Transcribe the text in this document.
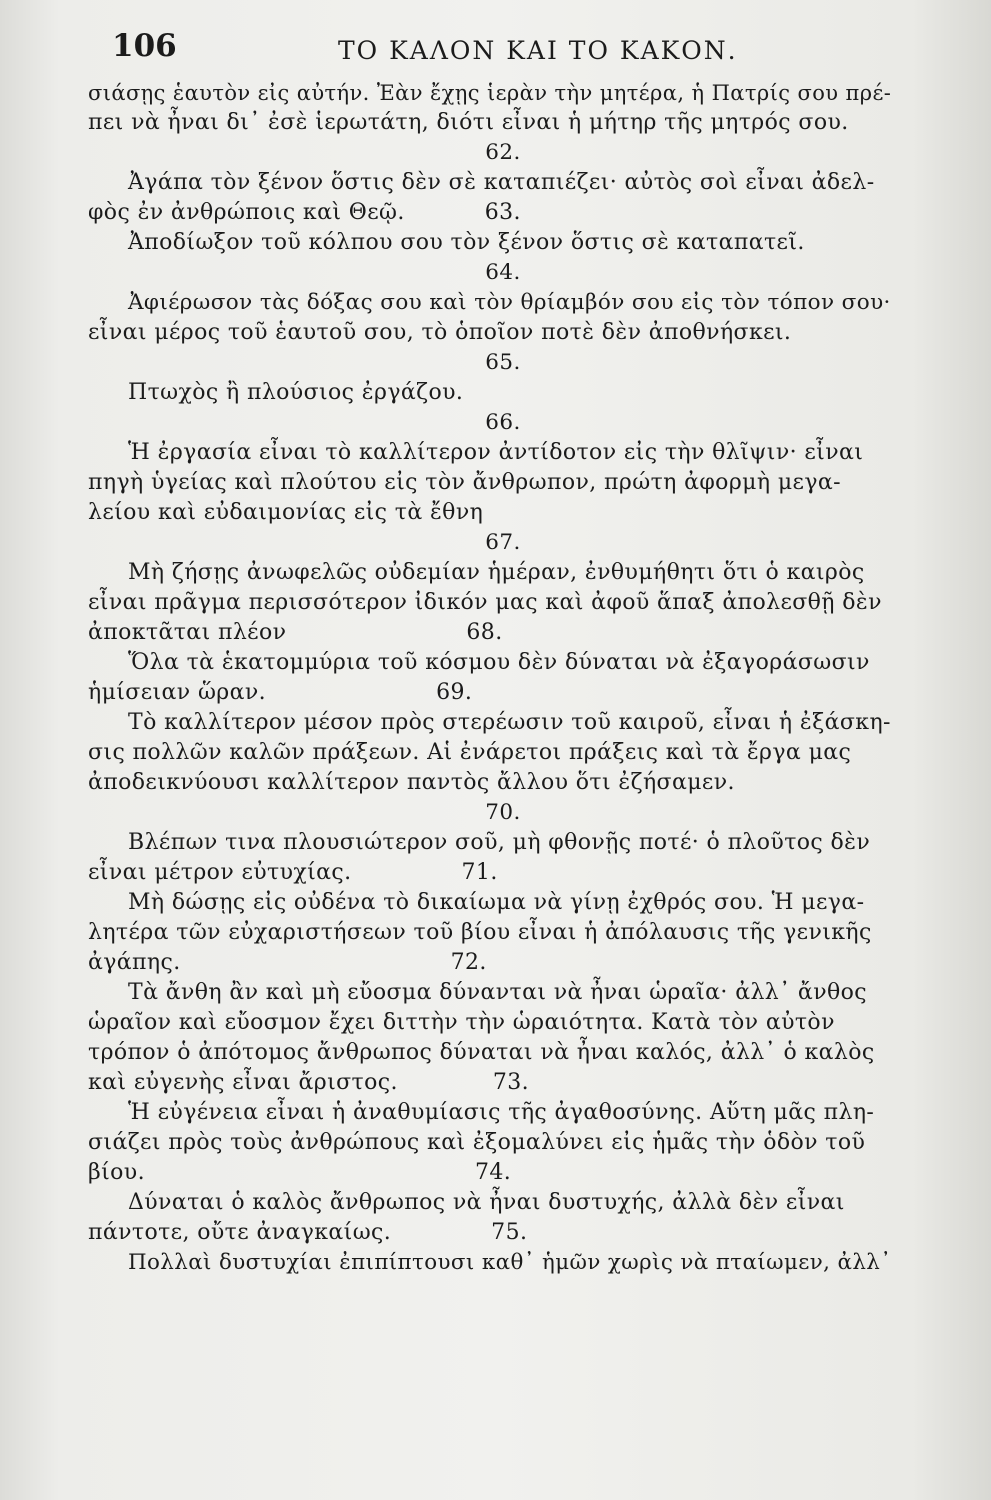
106	ΤΟ ΚΑΛΟΝ ΚΑΙ ΤΟ ΚΑΚΟΝ.
σιάσῃς ἑαυτὸν εἰς αὐτήν. Ἐὰν ἔχῃς ἱερὰν τὴν μητέρα, ἡ Πατρίς σου πρέ-
πει νὰ ἦναι δι᾽ ἐσὲ ἱερωτάτη, διότι εἶναι ἡ μήτηρ τῆς μητρός σου.
62.
Ἀγάπα τὸν ξένον ὅστις δὲν σὲ καταπιέζει· αὐτὸς σοὶ εἶναι ἀδελ-
φὸς ἐν ἀνθρώποις καὶ Θεῷ.	63.
Ἀποδίωξον τοῦ κόλπου σου τὸν ξένον ὅστις σὲ καταπατεῖ.
64.
Ἀφιέρωσον τὰς δόξας σου καὶ τὸν θρίαμβόν σου εἰς τὸν τόπον σου·
εἶναι μέρος τοῦ ἑαυτοῦ σου, τὸ ὁποῖον ποτὲ δὲν ἀποθνήσκει.
65.
Πτωχὸς ἢ πλούσιος ἐργάζου.
66.
Ἡ ἐργασία εἶναι τὸ καλλίτερον ἀντίδοτον εἰς τὴν θλῖψιν· εἶναι
πηγὴ ὑγείας καὶ πλούτου εἰς τὸν ἄνθρωπον, πρώτη ἀφορμὴ μεγα-
λείου καὶ εὐδαιμονίας εἰς τὰ ἔθνη
67.
Μὴ ζήσῃς ἀνωφελῶς οὐδεμίαν ἡμέραν, ἐνθυμήθητι ὅτι ὁ καιρὸς
εἶναι πρᾶγμα περισσότερον ἰδικόν μας καὶ ἀφοῦ ἅπαξ ἀπολεσθῇ δὲν
ἀποκτᾶται πλέον	68.
Ὅλα τὰ ἑκατομμύρια τοῦ κόσμου δὲν δύναται νὰ ἐξαγοράσωσιν
ἡμίσειαν ὥραν.	69.
Τὸ καλλίτερον μέσον πρὸς στερέωσιν τοῦ καιροῦ, εἶναι ἡ ἐξάσκη-
σις πολλῶν καλῶν πράξεων. Αἱ ἐνάρετοι πράξεις καὶ τὰ ἔργα μας
ἀποδεικνύουσι καλλίτερον παντὸς ἄλλου ὅτι ἐζήσαμεν.
70.
Βλέπων τινα πλουσιώτερον σοῦ, μὴ φθονῇς ποτέ· ὁ πλοῦτος δὲν
εἶναι μέτρον εὐτυχίας.	71.
Μὴ δώσῃς εἰς οὐδένα τὸ δικαίωμα νὰ γίνῃ ἐχθρός σου. Ἡ μεγα-
λητέρα τῶν εὐχαριστήσεων τοῦ βίου εἶναι ἡ ἀπόλαυσις τῆς γενικῆς
ἀγάπης.	72.
Τὰ ἄνθη ἂν καὶ μὴ εὔοσμα δύνανται νὰ ἦναι ὡραῖα· ἀλλ᾽ ἄνθος
ὡραῖον καὶ εὔοσμον ἔχει διττὴν τὴν ὡραιότητα. Κατὰ τὸν αὐτὸν
τρόπον ὁ ἀπότομος ἄνθρωπος δύναται νὰ ἦναι καλός, ἀλλ᾽ ὁ καλὸς
καὶ εὐγενὴς εἶναι ἄριστος.	73.
Ἡ εὐγένεια εἶναι ἡ ἀναθυμίασις τῆς ἀγαθοσύνης. Αὕτη μᾶς πλη-
σιάζει πρὸς τοὺς ἀνθρώπους καὶ ἐξομαλύνει εἰς ἡμᾶς τὴν ὁδὸν τοῦ
βίου.	74.
Δύναται ὁ καλὸς ἄνθρωπος νὰ ἦναι δυστυχής, ἀλλὰ δὲν εἶναι
πάντοτε, οὔτε ἀναγκαίως.	75.
Πολλαὶ δυστυχίαι ἐπιπίπτουσι καθ᾽ ἡμῶν χωρὶς νὰ πταίωμεν, ἀλλ᾽
